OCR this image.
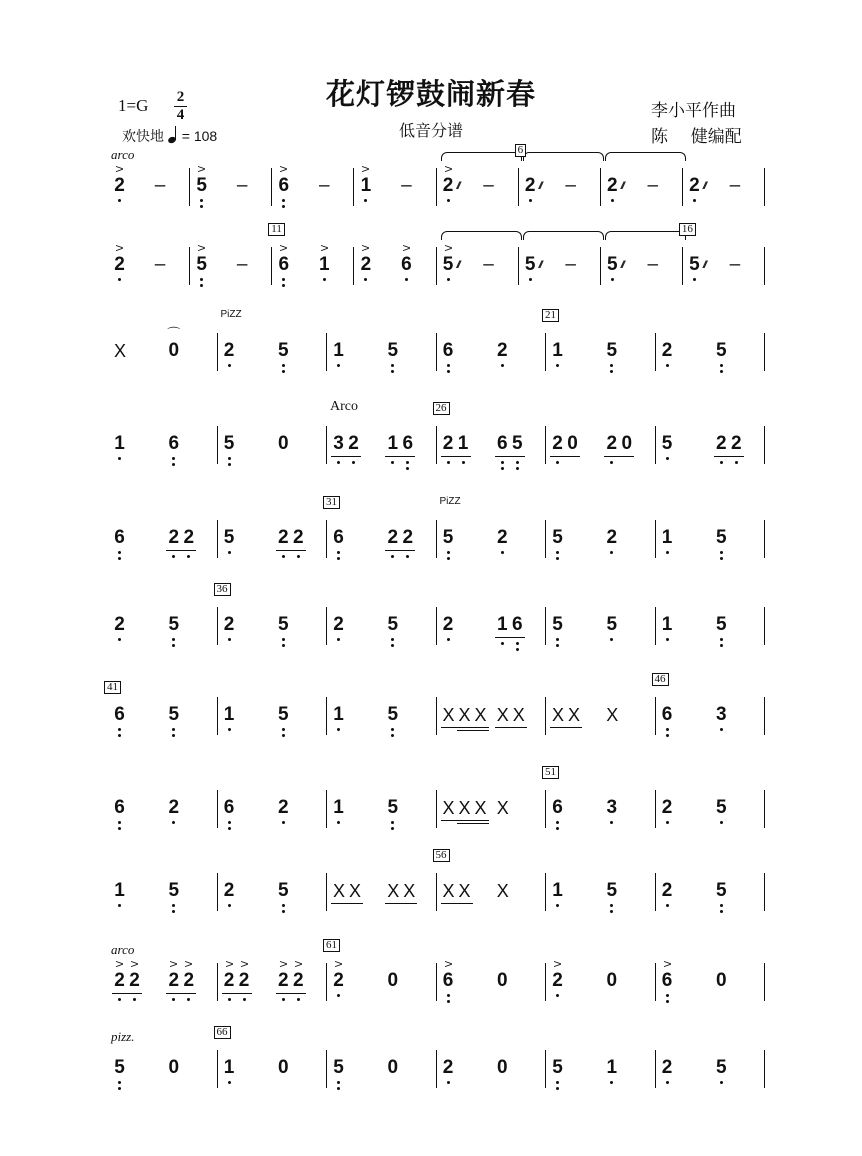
花灯锣鼓闹新春
低音分谱
1=G 2
4
欢快地 = 108
李小平作曲
陈 健编配
arco
2
>
– 5
>
– 6
>
– 1
>
– 2
>
/// –
6
2 /// – 2 /// – 2 /// –
2
>
– 5
>
–
11
6
>
1
>
2
>
6
>
5
>
/// – 5 /// – 5 /// –
16
5 /// –
X 0
⌒
PiZZ
2 5 1 5 6 2
21
1 5 2 5
1 6 5 0
Arco
3 2 1 6
26
2 1 6 5 2 0 2 0 5 2 2
6 2 2 5 2 2
31
6 2 2
PiZZ
5 2 5 2 1 5
2 5
36
2 5 2 5 2 1 6 5 5 1 5
41
6 5 1 5 1 5 X X X X X X X X
46
6 3
6 2 6 2 1 5 X X X X
51
6 3 2 5
1 5 2 5 X X X X
56
X X X 1 5 2 5
arco
2
>
2
>
2
>
2
>
2
>
2
>
2
>
2
>
61
2
>
0 6
>
0 2
>
0 6
>
0
pizz.
5 0
66
1 0 5 0 2 0 5 1 2 5
